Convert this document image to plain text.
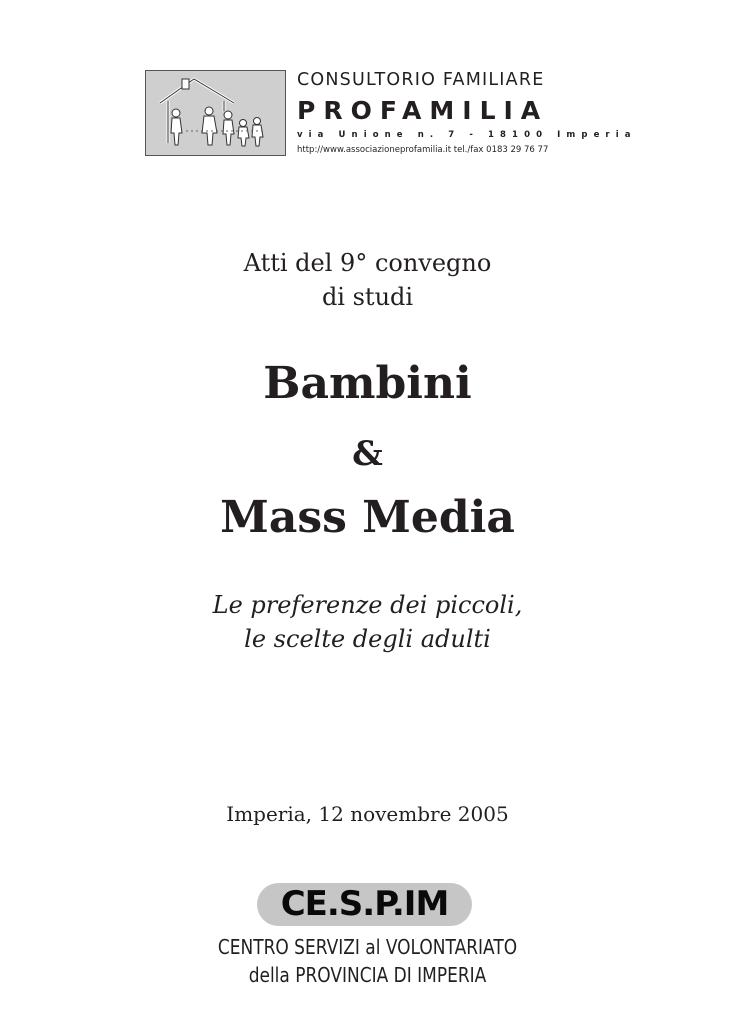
CONSULTORIO FAMILIARE
PROFAMILIA
via Unione n. 7 - 18100 Imperia
http://www.associazioneprofamilia.it tel./fax 0183 29 76 77
Atti del 9° convegno
di studi
Bambini
&
Mass Media
Le preferenze dei piccoli,
le scelte degli adulti
Imperia, 12 novembre 2005
CE.S.P.IM
CENTRO SERVIZI al VOLONTARIATO
della PROVINCIA DI IMPERIA
